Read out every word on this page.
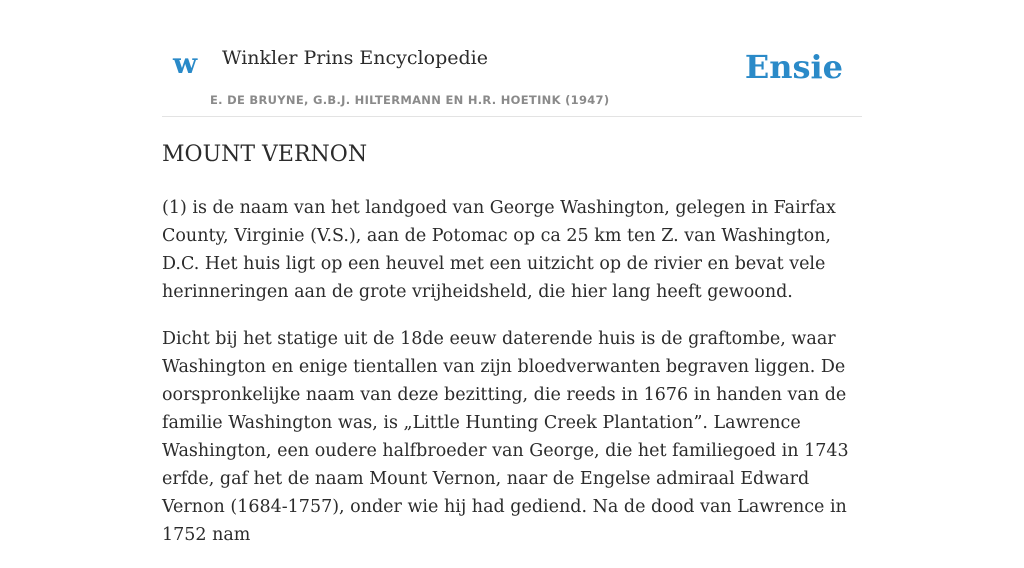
w Winkler Prins Encyclopedie
E. DE BRUYNE, G.B.J. HILTERMANN EN H.R. HOETINK (1947)
Ensie
MOUNT VERNON

(1) is de naam van het landgoed van George Washington, gelegen in Fairfax County, Virginie (V.S.), aan de Potomac op ca 25 km ten Z. van Washington, D.C. Het huis ligt op een heuvel met een uitzicht op de rivier en bevat vele herinneringen aan de grote vrijheidsheld, die hier lang heeft gewoond.

Dicht bij het statige uit de 18de eeuw daterende huis is de graftombe, waar Washington en enige tientallen van zijn bloedverwanten begraven liggen. De oorspronkelijke naam van deze bezitting, die reeds in 1676 in handen van de familie Washington was, is „Little Hunting Creek Plantation”. Lawrence Washington, een oudere halfbroeder van George, die het familiegoed in 1743 erfde, gaf het de naam Mount Vernon, naar de Engelse admiraal Edward Vernon (1684-1757), onder wie hij had gediend. Na de dood van Lawrence in 1752 nam
